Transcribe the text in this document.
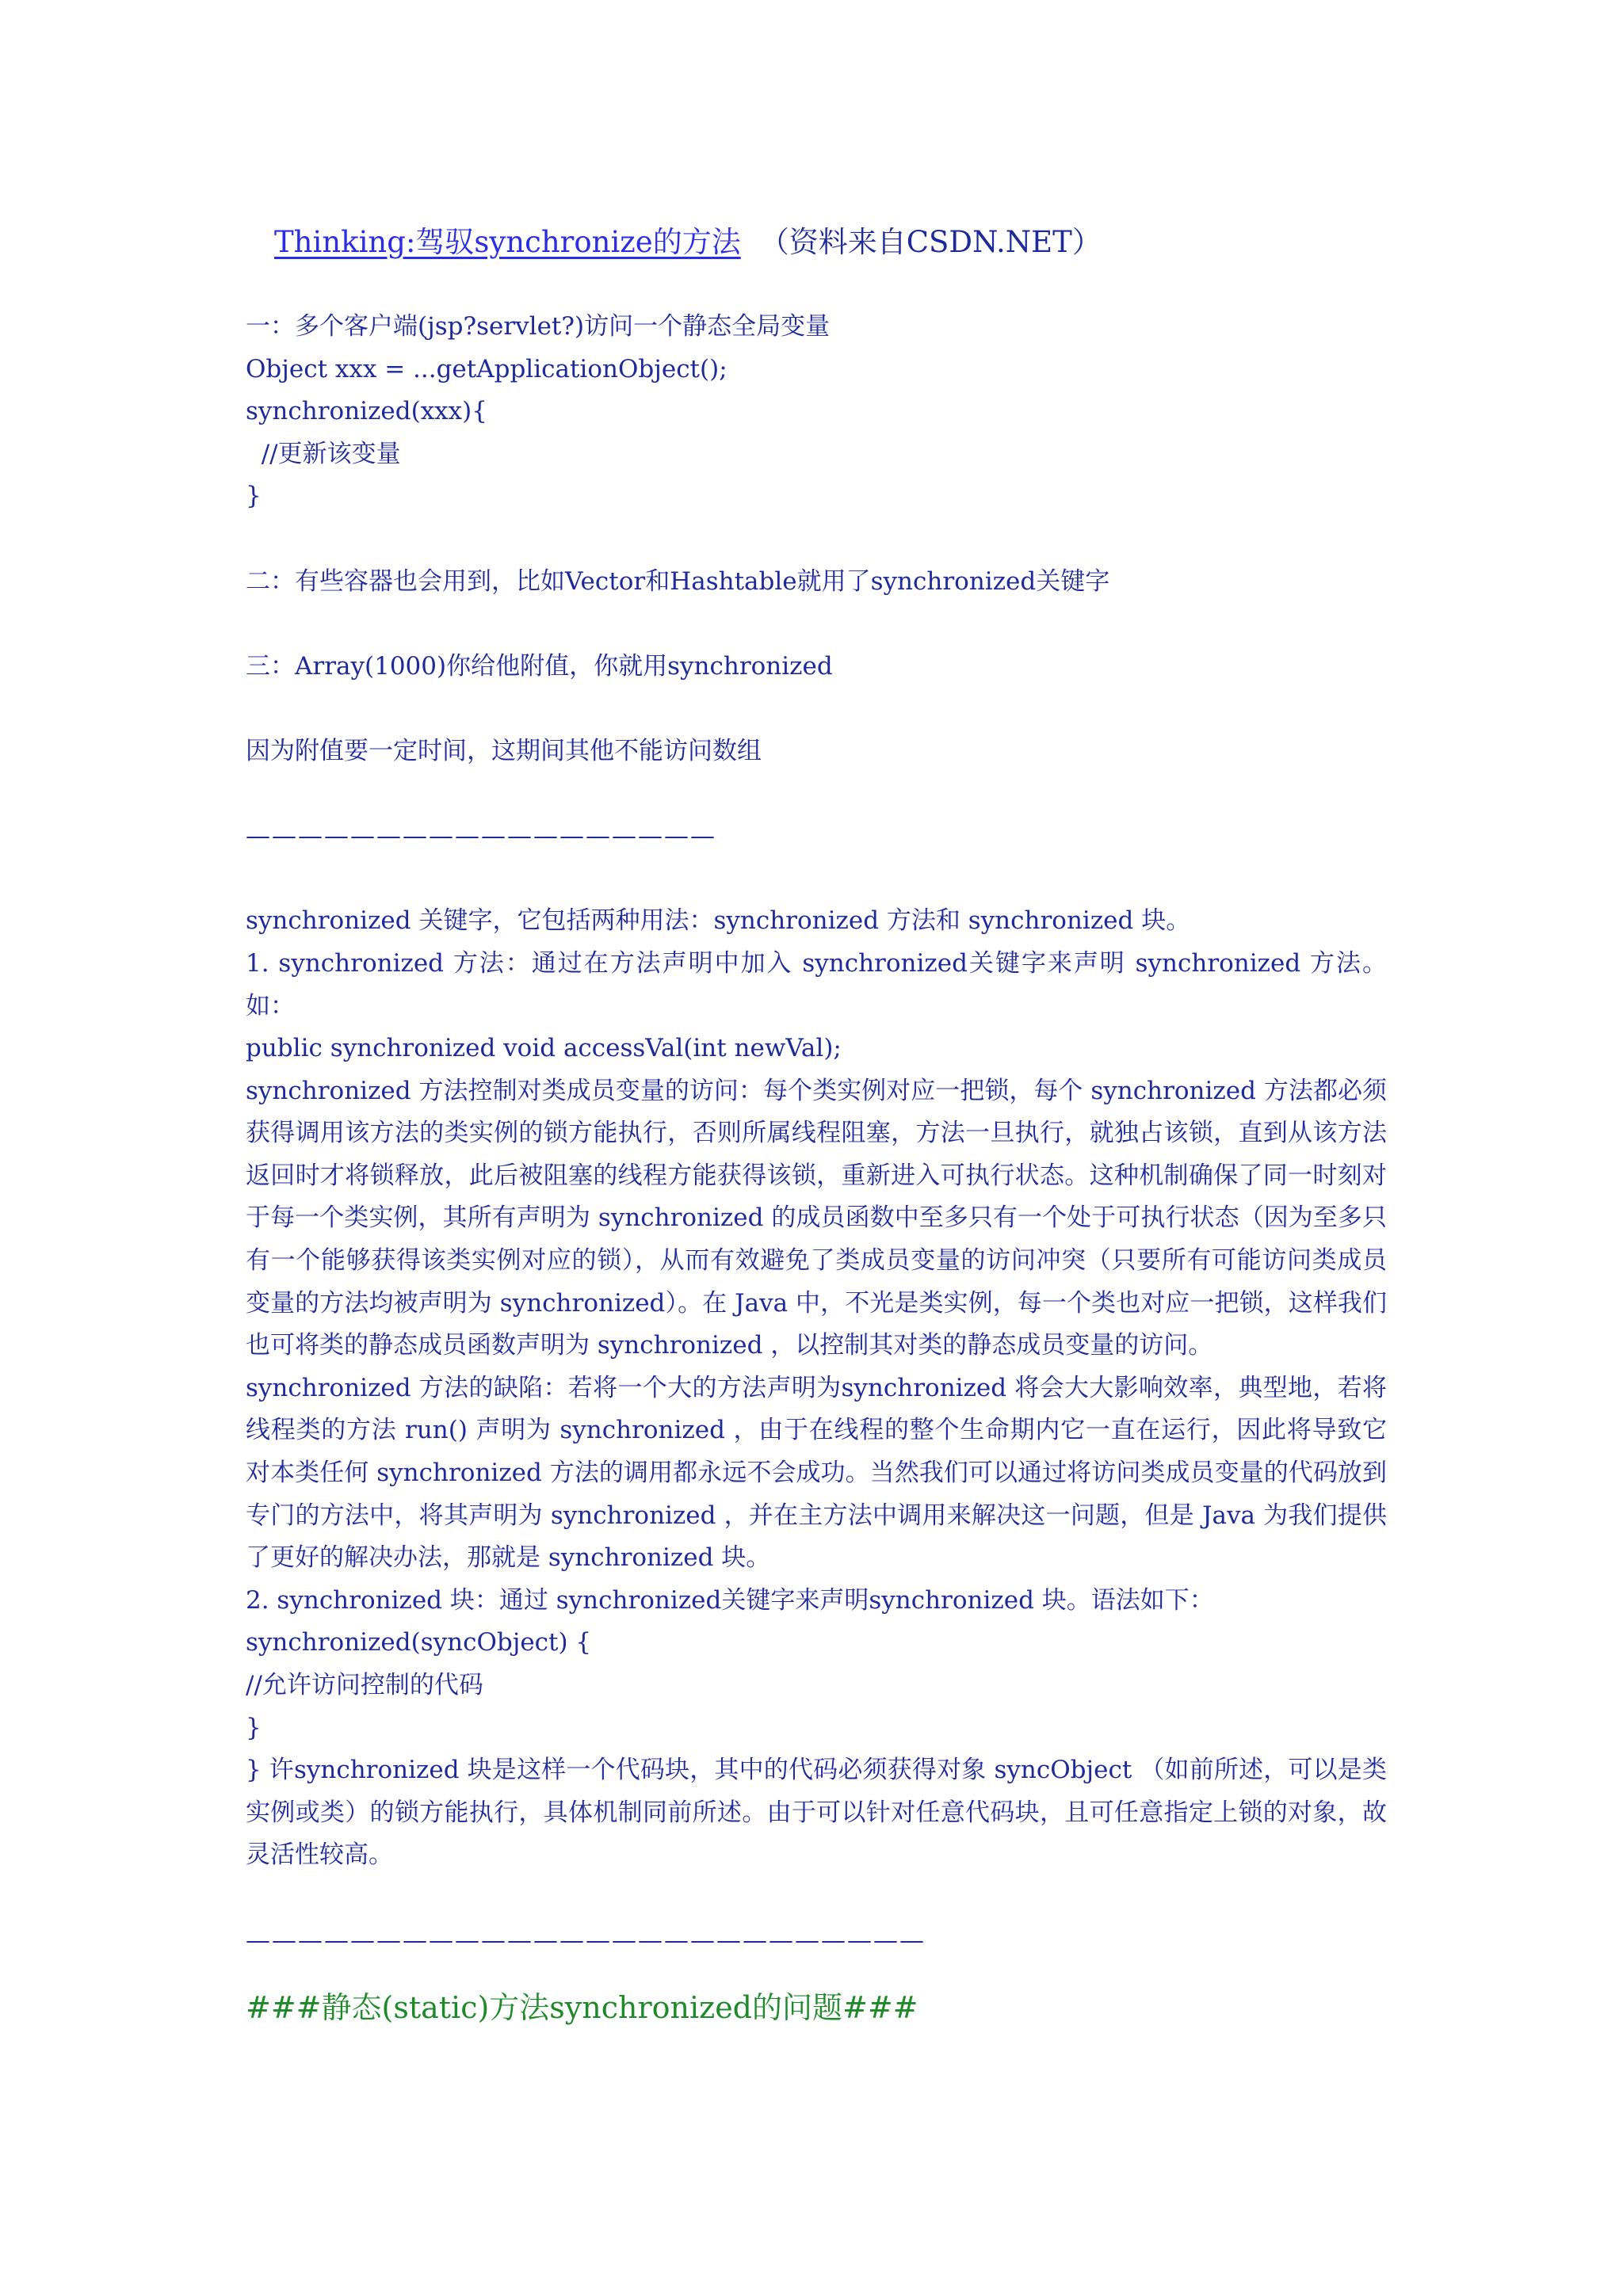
Thinking:驾驭synchronize的方法 （资料来自CSDN.NET）

一：多个客户端(jsp?servlet?)访问一个静态全局变量

Object xxx = ...getApplicationObject();

synchronized(xxx){

//更新该变量

}

二：有些容器也会用到，比如Vector和Hashtable就用了synchronized关键字

三：Array(1000)你给他附值，你就用synchronized

因为附值要一定时间，这期间其他不能访问数组

——————————————————

synchronized 关键字，它包括两种用法：synchronized 方法和 synchronized 块。

1. synchronized 方法：通过在方法声明中加入 synchronized关键字来声明 synchronized 方法。如：

public synchronized void accessVal(int newVal);

synchronized 方法控制对类成员变量的访问：每个类实例对应一把锁，每个 synchronized 方法都必须获得调用该方法的类实例的锁方能执行，否则所属线程阻塞，方法一旦执行，就独占该锁，直到从该方法返回时才将锁释放，此后被阻塞的线程方能获得该锁，重新进入可执行状态。这种机制确保了同一时刻对于每一个类实例，其所有声明为 synchronized 的成员函数中至多只有一个处于可执行状态（因为至多只有一个能够获得该类实例对应的锁），从而有效避免了类成员变量的访问冲突（只要所有可能访问类成员变量的方法均被声明为 synchronized）。在 Java 中，不光是类实例，每一个类也对应一把锁，这样我们也可将类的静态成员函数声明为 synchronized ，以控制其对类的静态成员变量的访问。

synchronized 方法的缺陷：若将一个大的方法声明为synchronized 将会大大影响效率，典型地，若将线程类的方法 run() 声明为 synchronized ，由于在线程的整个生命期内它一直在运行，因此将导致它对本类任何 synchronized 方法的调用都永远不会成功。当然我们可以通过将访问类成员变量的代码放到专门的方法中，将其声明为 synchronized ，并在主方法中调用来解决这一问题，但是 Java 为我们提供了更好的解决办法，那就是 synchronized 块。

2. synchronized 块：通过 synchronized关键字来声明synchronized 块。语法如下：

synchronized(syncObject) {

//允许访问控制的代码

}

} 许synchronized 块是这样一个代码块，其中的代码必须获得对象 syncObject （如前所述，可以是类实例或类）的锁方能执行，具体机制同前所述。由于可以针对任意代码块，且可任意指定上锁的对象，故灵活性较高。

——————————————————————————

###静态(static)方法synchronized的问题###
